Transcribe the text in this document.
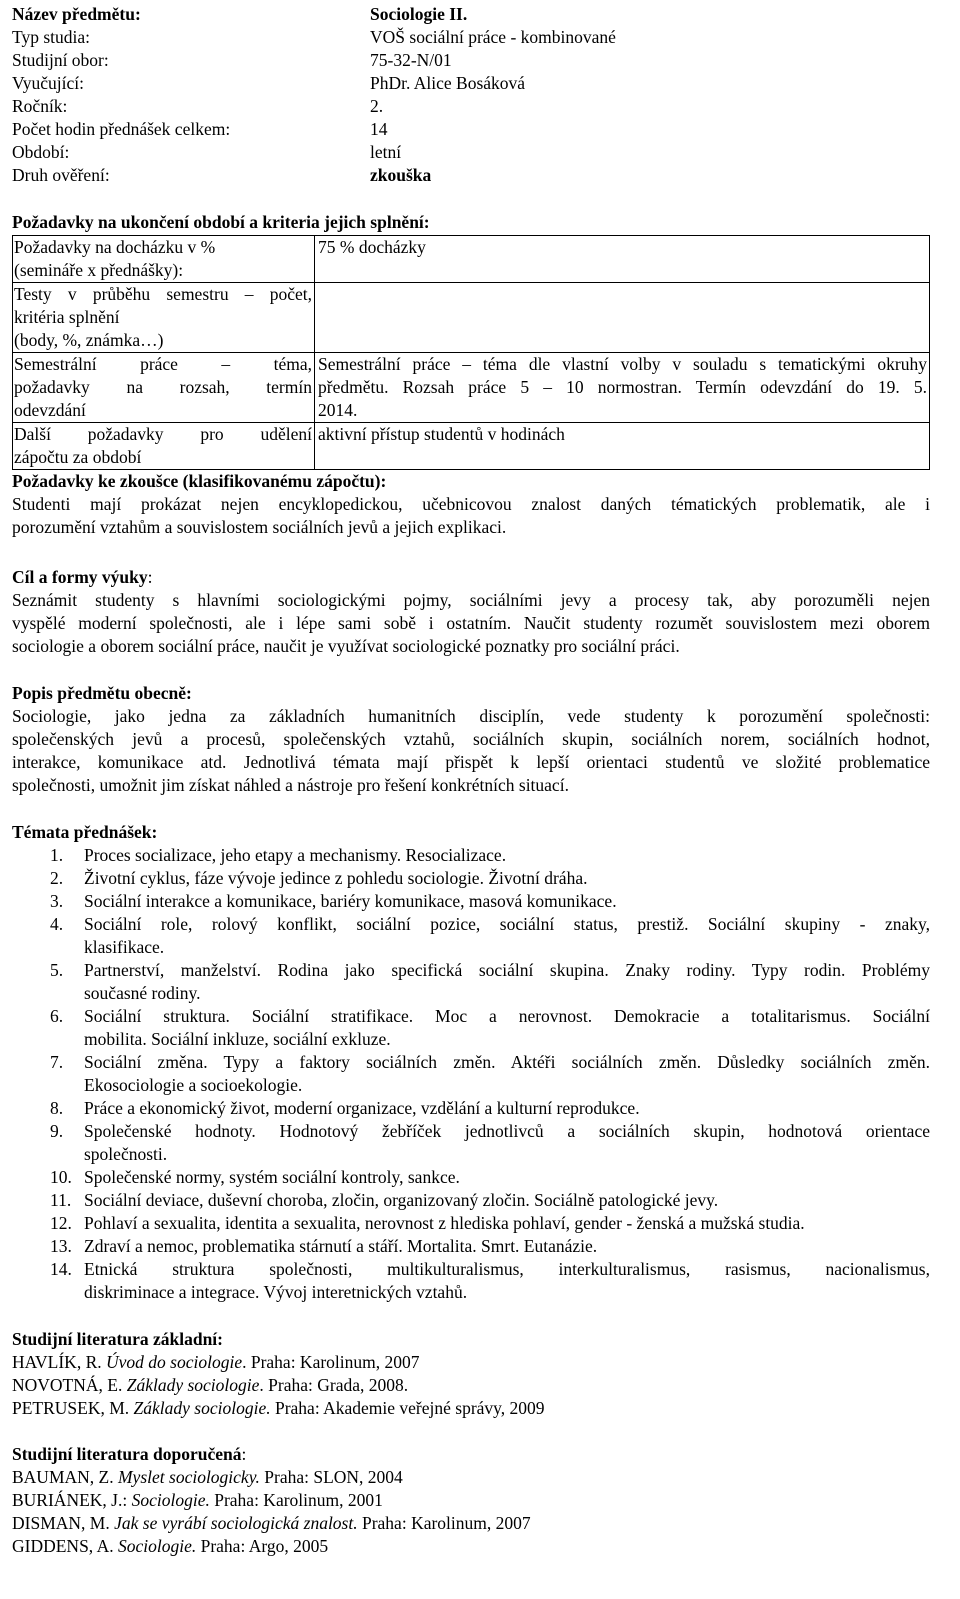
Název předmětu:	Sociologie II.
Typ studia:	VOŠ sociální práce - kombinované
Studijní obor:	75-32-N/01
Vyučující:	PhDr. Alice Bosáková
Ročník:	2.
Počet hodin přednášek celkem:	14
Období:	letní
Druh ověření:	zkouška
Požadavky na ukončení období a kriteria jejich splnění:
Požadavky na docházku v %
(semináře x přednášky):	75 % docházky

Testy v průběhu semestru – počet,
kritéria splnění
(body, %, známka…)	

Semestrální práce – téma,
požadavky na rozsah, termín
odevzdání	Semestrální práce – téma dle vlastní volby v souladu s tematickými okruhy
předmětu. Rozsah práce 5 – 10 normostran. Termín odevzdání do 19. 5.
2014.

Další požadavky pro udělení
zápočtu za období	aktivní přístup studentů v hodinách
Požadavky ke zkoušce (klasifikovanému zápočtu):
Studenti mají prokázat nejen encyklopedickou, učebnicovou znalost daných tématických problematik, ale i
porozumění vztahům a souvislostem sociálních jevů a jejich explikaci.
Cíl a formy výuky:
Seznámit studenty s hlavními sociologickými pojmy, sociálními jevy a procesy tak, aby porozuměli nejen
vyspělé moderní společnosti, ale i lépe sami sobě i ostatním. Naučit studenty rozumět souvislostem mezi oborem
sociologie a oborem sociální práce, naučit je využívat sociologické poznatky pro sociální práci.
Popis předmětu obecně:
Sociologie, jako jedna za základních humanitních disciplín, vede studenty k porozumění společnosti:
společenských jevů a procesů, společenských vztahů, sociálních skupin, sociálních norem, sociálních hodnot,
interakce, komunikace atd. Jednotlivá témata mají přispět k lepší orientaci studentů ve složité problematice
společnosti, umožnit jim získat náhled a nástroje pro řešení konkrétních situací.
Témata přednášek:
1.	Proces socializace, jeho etapy a mechanismy. Resocializace.
2.	Životní cyklus, fáze vývoje jedince z pohledu sociologie. Životní dráha.
3.	Sociální interakce a komunikace, bariéry komunikace, masová komunikace.
4.	Sociální role, rolový konflikt, sociální pozice, sociální status, prestiž. Sociální skupiny - znaky,
klasifikace.
5.	Partnerství, manželství. Rodina jako specifická sociální skupina. Znaky rodiny. Typy rodin. Problémy
současné rodiny.
6.	Sociální struktura. Sociální stratifikace. Moc a nerovnost. Demokracie a totalitarismus. Sociální
mobilita. Sociální inkluze, sociální exkluze.
7.	Sociální změna. Typy a faktory sociálních změn. Aktéři sociálních změn. Důsledky sociálních změn.
Ekosociologie a socioekologie.
8.	Práce a ekonomický život, moderní organizace, vzdělání a kulturní reprodukce.
9.	Společenské hodnoty. Hodnotový žebříček jednotlivců a sociálních skupin, hodnotová orientace
společnosti.
10. Společenské normy, systém sociální kontroly, sankce.
11. Sociální deviace, duševní choroba, zločin, organizovaný zločin. Sociálně patologické jevy.
12. Pohlaví a sexualita, identita a sexualita, nerovnost z hlediska pohlaví, gender - ženská a mužská studia.
13. Zdraví a nemoc, problematika stárnutí a stáří. Mortalita. Smrt. Eutanázie.
14. Etnická struktura společnosti, multikulturalismus, interkulturalismus, rasismus, nacionalismus,
diskriminace a integrace. Vývoj interetnických vztahů.
Studijní literatura základní:
HAVLÍK, R. Úvod do sociologie. Praha: Karolinum, 2007
NOVOTNÁ, E. Základy sociologie. Praha: Grada, 2008.
PETRUSEK, M. Základy sociologie. Praha: Akademie veřejné správy, 2009
Studijní literatura doporučená:
BAUMAN, Z. Myslet sociologicky. Praha: SLON, 2004
BURIÁNEK, J.: Sociologie. Praha: Karolinum, 2001
DISMAN, M. Jak se vyrábí sociologická znalost. Praha: Karolinum, 2007
GIDDENS, A. Sociologie. Praha: Argo, 2005
